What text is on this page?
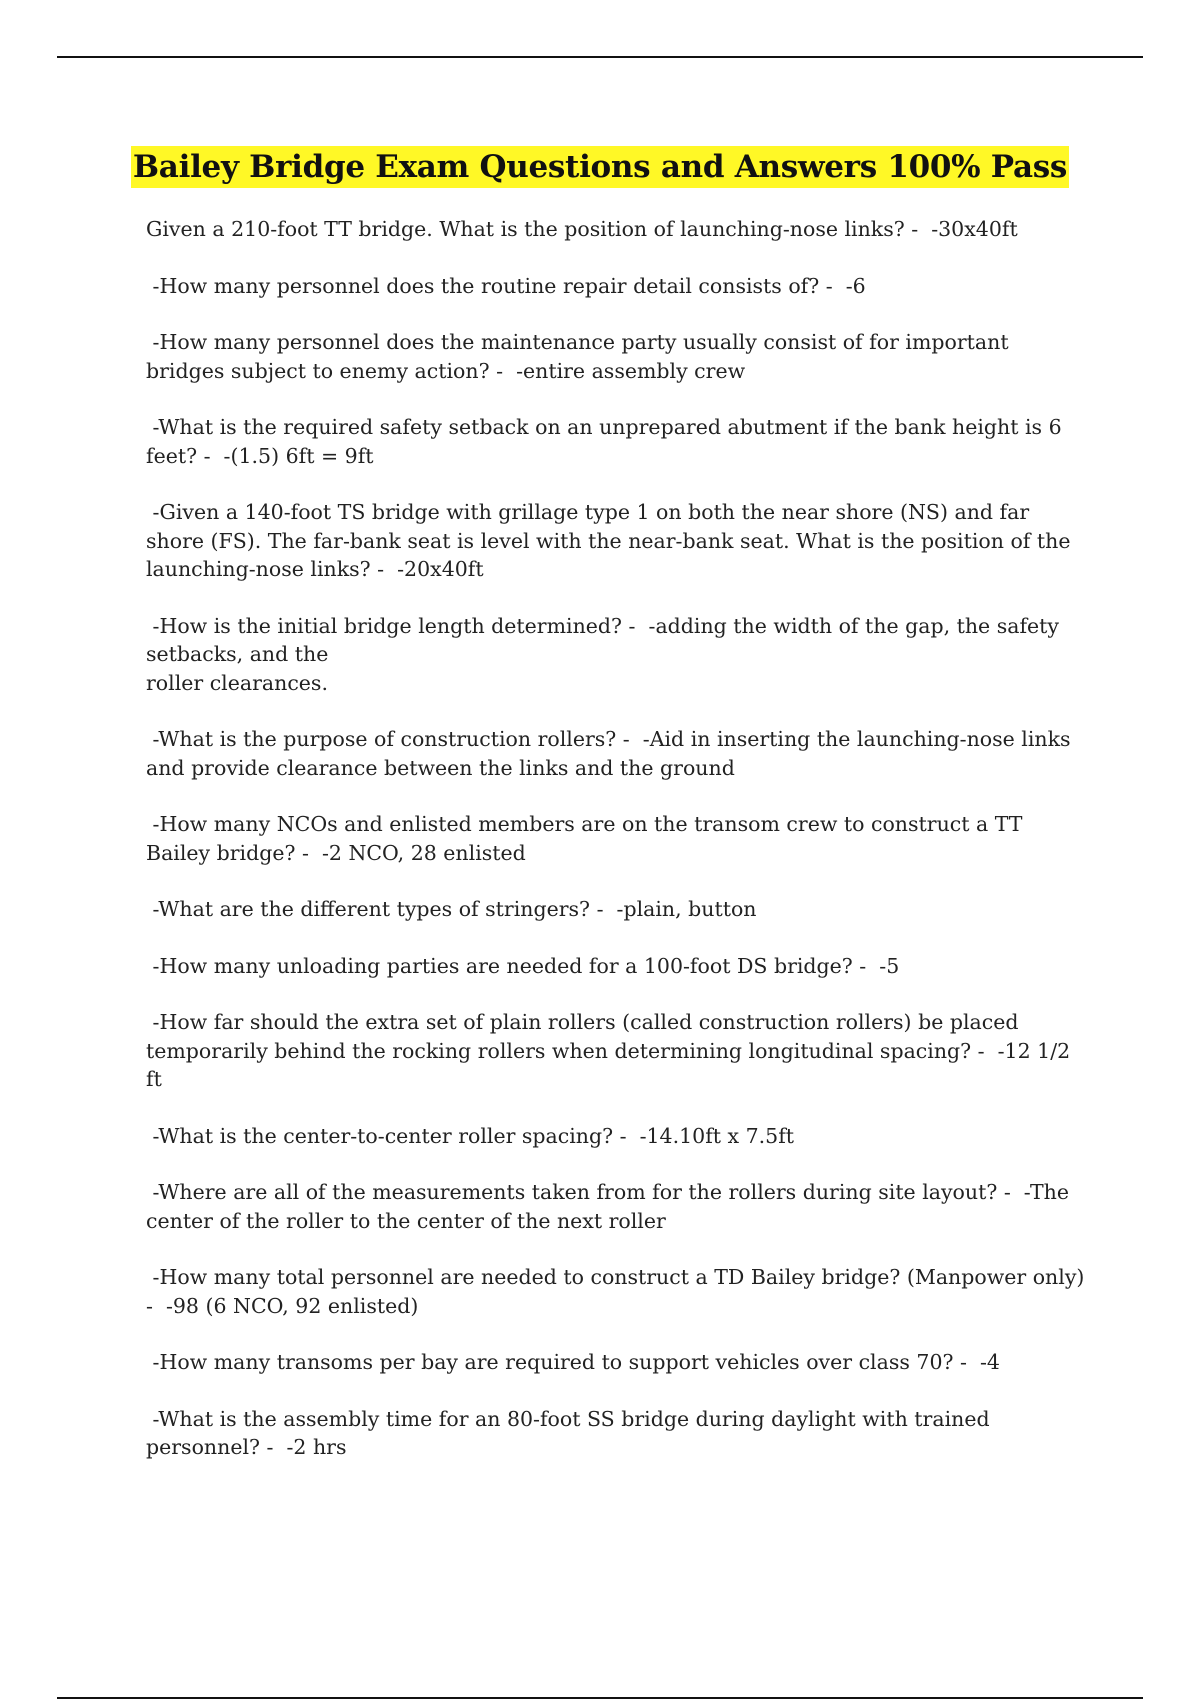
Bailey Bridge Exam Questions and Answers 100% Pass

Given a 210-foot TT bridge. What is the position of launching-nose links? -  -30x40ft

-How many personnel does the routine repair detail consists of? -  -6

-How many personnel does the maintenance party usually consist of for important bridges subject to enemy action? -  -entire assembly crew

-What is the required safety setback on an unprepared abutment if the bank height is 6 feet? -  -(1.5) 6ft = 9ft

-Given a 140-foot TS bridge with grillage type 1 on both the near shore (NS) and far shore (FS). The far-bank seat is level with the near-bank seat. What is the position of the launching-nose links? -  -20x40ft

-How is the initial bridge length determined? -  -adding the width of the gap, the safety setbacks, and the
roller clearances.

-What is the purpose of construction rollers? -  -Aid in inserting the launching-nose links and provide clearance between the links and the ground

-How many NCOs and enlisted members are on the transom crew to construct a TT Bailey bridge? -  -2 NCO, 28 enlisted

-What are the different types of stringers? -  -plain, button

-How many unloading parties are needed for a 100-foot DS bridge? -  -5

-How far should the extra set of plain rollers (called construction rollers) be placed temporarily behind the rocking rollers when determining longitudinal spacing? -  -12 1/2 ft

-What is the center-to-center roller spacing? -  -14.10ft x 7.5ft

-Where are all of the measurements taken from for the rollers during site layout? -  -The center of the roller to the center of the next roller

-How many total personnel are needed to construct a TD Bailey bridge? (Manpower only) -  -98 (6 NCO, 92 enlisted)

-How many transoms per bay are required to support vehicles over class 70? -  -4

-What is the assembly time for an 80-foot SS bridge during daylight with trained personnel? -  -2 hrs
